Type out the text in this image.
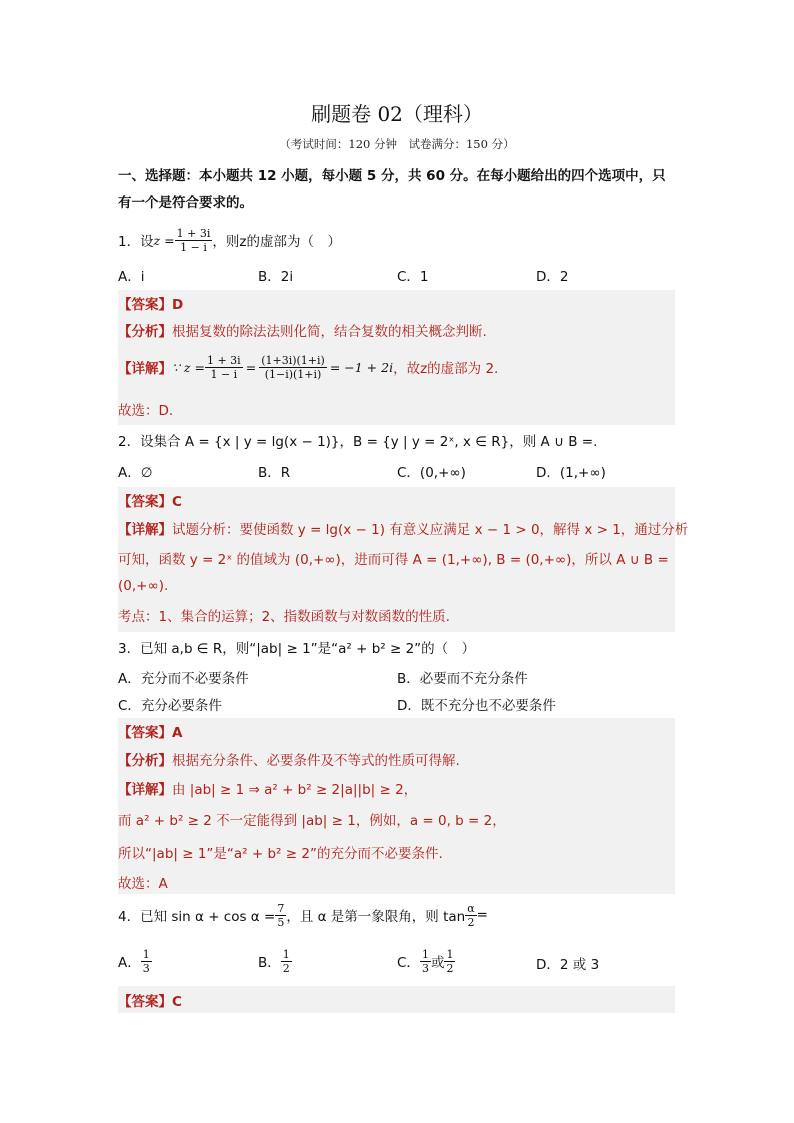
刷题卷 02（理科）
（考试时间：120 分钟　试卷满分：150 分）
一、选择题：本小题共 12 小题，每小题 5 分，共 60 分。在每小题给出的四个选项中，只
有一个是符合要求的。
1．设 $z = \frac{1 + 3i}{1 - i}$ ，则z的虚部为（　）
A．i	B．2i	C．1	D．2
【答案】D
【分析】根据复数的除法法则化简，结合复数的相关概念判断.
【详解】 ∵ $z = \frac{1 + 3i}{1 - i} = \frac{(1+3i)(1+i)}{(1-i)(1+i)} = -1 + 2i$ ，故z的虚部为 2.
故选：D.
2．设集合 A = {x | y = lg(x − 1)}，B = {y | y = 2ˣ, x ∈ R}，则 A ∪ B =.
A．∅	B．R	C．(0,+∞)	D．(1,+∞)
【答案】C
【详解】试题分析：要使函数 y = lg(x − 1) 有意义应满足 x − 1 > 0，解得 x > 1，通过分析
可知，函数 y = 2ˣ 的值域为 (0,+∞)，进而可得 A = (1,+∞), B = (0,+∞)，所以 A ∪ B =
(0,+∞).
考点：1、集合的运算；2、指数函数与对数函数的性质.
3．已知 a,b ∈ R，则“|ab| ≥ 1”是“a² + b² ≥ 2”的（　）
A．充分而不必要条件	B．必要而不充分条件
C．充分必要条件	D．既不充分也不必要条件
【答案】A
【分析】根据充分条件、必要条件及不等式的性质可得解.
【详解】由 |ab| ≥ 1 ⇒ a² + b² ≥ 2|a||b| ≥ 2，
而 a² + b² ≥ 2 不一定能得到 |ab| ≥ 1，例如，a = 0, b = 2，
所以“|ab| ≥ 1”是“a² + b² ≥ 2”的充分而不必要条件.
故选：A
4．已知 $\sin \alpha + \cos \alpha = \frac{7}{5}$ ，且 α 是第一象限角，则 $\tan \frac{\alpha}{2}$ =
A． $\frac{1}{3}$	B． $\frac{1}{2}$	C． $\frac{1}{3}$ 或 $\frac{1}{2}$	D．2 或 3
【答案】C
